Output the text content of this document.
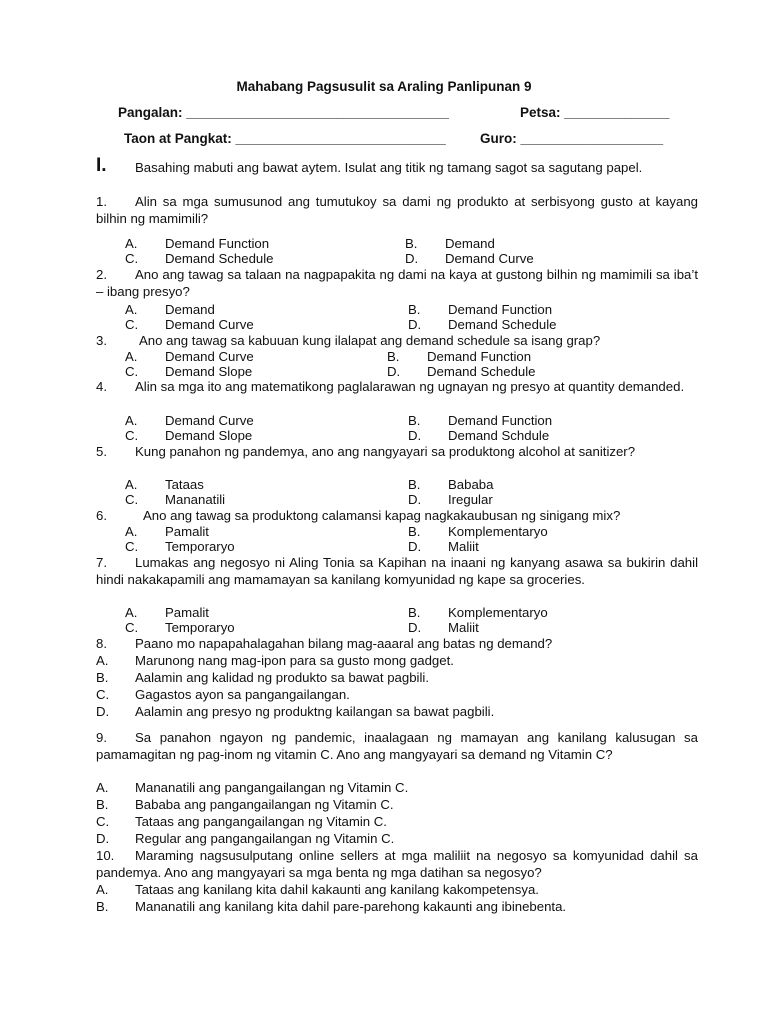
Mahabang Pagsusulit sa Araling Panlipunan 9
Pangalan: ___________________________________	Petsa: ______________
Taon at Pangkat: ____________________________	Guro: ___________________
I.	Basahing mabuti ang bawat aytem. Isulat ang titik ng tamang sagot sa sagutang papel.
1. Alin sa mga sumusunod ang tumutukoy sa dami ng produkto at serbisyong gusto at kayang bilhin ng mamimili?
A. Demand Function	B. Demand
C. Demand Schedule	D. Demand Curve
2. Ano ang tawag sa talaan na nagpapakita ng dami na kaya at gustong bilhin ng mamimili sa iba’t – ibang presyo?
A. Demand	B. Demand Function
C. Demand Curve	D. Demand Schedule
3. Ano ang tawag sa kabuuan kung ilalapat ang demand schedule sa isang grap?
A. Demand Curve	B. Demand Function
C. Demand Slope	D. Demand Schedule
4. Alin sa mga ito ang matematikong paglalarawan ng ugnayan ng presyo at quantity demanded.
A. Demand Curve	B. Demand Function
C. Demand Slope	D. Demand Schdule
5. Kung panahon ng pandemya, ano ang nangyayari sa produktong alcohol at sanitizer?
A. Tataas	B. Bababa
C. Mananatili	D. Iregular
6.	Ano ang tawag sa produktong calamansi kapag nagkakaubusan ng sinigang mix?
A. Pamalit	B. Komplementaryo
C. Temporaryo	D. Maliit
7. Lumakas ang negosyo ni Aling Tonia sa Kapihan na inaani ng kanyang asawa sa bukirin dahil hindi nakakapamili ang mamamayan sa kanilang komyunidad ng kape sa groceries.
A. Pamalit	B. Komplementaryo
C. Temporaryo	D. Maliit
8. Paano mo napapahalagahan bilang mag-aaaral ang batas ng demand?
A. Marunong nang mag-ipon para sa gusto mong gadget.
B. Aalamin ang kalidad ng produkto sa bawat pagbili.
C. Gagastos ayon sa pangangailangan.
D. Aalamin ang presyo ng produktng kailangan sa bawat pagbili.
9. Sa panahon ngayon ng pandemic, inaalagaan ng mamayan ang kanilang kalusugan sa pamamagitan ng pag-inom ng vitamin C. Ano ang mangyayari sa demand ng Vitamin C?
A. Mananatili ang pangangailangan ng Vitamin C.
B. Bababa ang pangangailangan ng Vitamin C.
C. Tataas ang pangangailangan ng Vitamin C.
D. Regular ang pangangailangan ng Vitamin C.
10. Maraming nagsusulputang online sellers at mga maliliit na negosyo sa komyunidad dahil sa pandemya. Ano ang mangyayari sa mga benta ng mga datihan sa negosyo?
A. Tataas ang kanilang kita dahil kakaunti ang kanilang kakompetensya.
B. Mananatili ang kanilang kita dahil pare-parehong kakaunti ang ibinebenta.
